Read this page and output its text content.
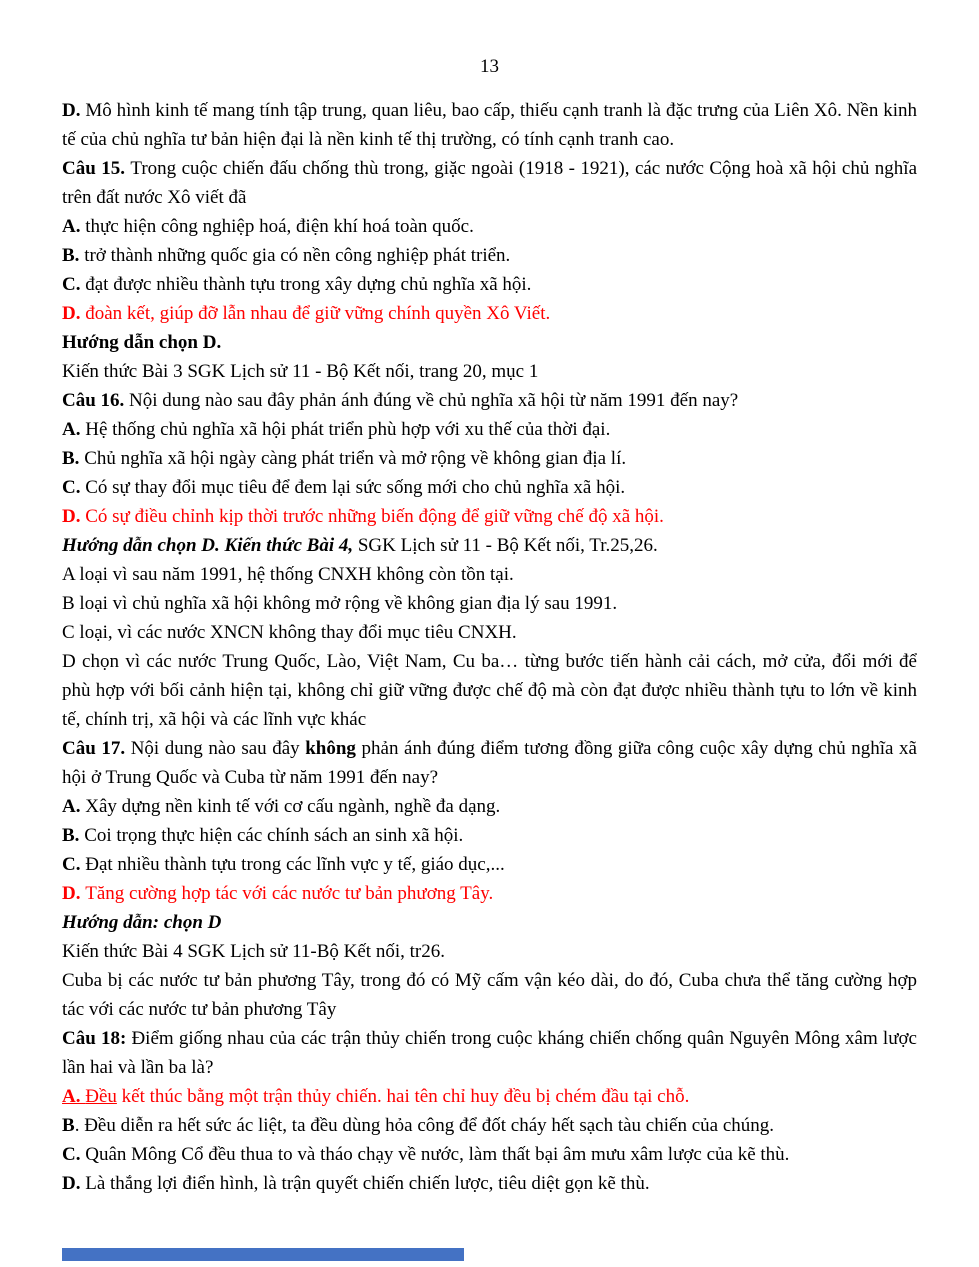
13
D. Mô hình kinh tế mang tính tập trung, quan liêu, bao cấp, thiếu cạnh tranh là đặc trưng của Liên Xô. Nền kinh
tế của chủ nghĩa tư bản hiện đại là nền kinh tế thị trường, có tính cạnh tranh cao.
Câu 15. Trong cuộc chiến đấu chống thù trong, giặc ngoài (1918 - 1921), các nước Cộng hoà xã hội chủ nghĩa
trên đất nước Xô viết đã
A. thực hiện công nghiệp hoá, điện khí hoá toàn quốc.
B. trở thành những quốc gia có nền công nghiệp phát triển.
C. đạt được nhiều thành tựu trong xây dựng chủ nghĩa xã hội.
D. đoàn kết, giúp đỡ lẫn nhau để giữ vững chính quyền Xô Viết.
Hướng dẫn chọn D.
Kiến thức Bài 3 SGK Lịch sử 11 - Bộ Kết nối, trang 20, mục 1
Câu 16. Nội dung nào sau đây phản ánh đúng về chủ nghĩa xã hội từ năm 1991 đến nay?
A. Hệ thống chủ nghĩa xã hội phát triển phù hợp với xu thế của thời đại.
B. Chủ nghĩa xã hội ngày càng phát triển và mở rộng về không gian địa lí.
C. Có sự thay đổi mục tiêu để đem lại sức sống mới cho chủ nghĩa xã hội.
D. Có sự điều chỉnh kịp thời trước những biến động để giữ vững chế độ xã hội.
Hướng dẫn chọn D. Kiến thức Bài 4, SGK Lịch sử 11 - Bộ Kết nối, Tr.25,26.
A loại vì sau năm 1991, hệ thống CNXH không còn tồn tại.
B loại vì chủ nghĩa xã hội không mở rộng về không gian địa lý sau 1991.
C loại, vì các nước XNCN không thay đổi mục tiêu CNXH.
D chọn vì các nước Trung Quốc, Lào, Việt Nam, Cu ba… từng bước tiến hành cải cách, mở cửa, đổi mới để
phù hợp với bối cảnh hiện tại, không chỉ giữ vững được chế độ mà còn đạt được nhiều thành tựu to lớn về kinh
tế, chính trị, xã hội và các lĩnh vực khác
Câu 17. Nội dung nào sau đây không phản ánh đúng điểm tương đồng giữa công cuộc xây dựng chủ nghĩa xã
hội ở Trung Quốc và Cuba từ năm 1991 đến nay?
A. Xây dựng nền kinh tế với cơ cấu ngành, nghề đa dạng.
B. Coi trọng thực hiện các chính sách an sinh xã hội.
C. Đạt nhiều thành tựu trong các lĩnh vực y tế, giáo dục,...
D. Tăng cường hợp tác với các nước tư bản phương Tây.
Hướng dẫn: chọn D
Kiến thức Bài 4 SGK Lịch sử 11-Bộ Kết nối, tr26.
Cuba bị các nước tư bản phương Tây, trong đó có Mỹ cấm vận kéo dài, do đó, Cuba chưa thể tăng cường hợp
tác với các nước tư bản phương Tây
Câu 18: Điểm giống nhau của các trận thủy chiến trong cuộc kháng chiến chống quân Nguyên Mông xâm lược
lần hai và lần ba là?
A. Đều kết thúc bằng một trận thủy chiến. hai tên chỉ huy đều bị chém đầu tại chỗ.
B. Đều diễn ra hết sức ác liệt, ta đều dùng hỏa công để đốt cháy hết sạch tàu chiến của chúng.
C. Quân Mông Cổ đều thua to và tháo chạy về nước, làm thất bại âm mưu xâm lược của kẽ thù.
D. Là thắng lợi điển hình, là trận quyết chiến chiến lược, tiêu diệt gọn kẽ thù.
